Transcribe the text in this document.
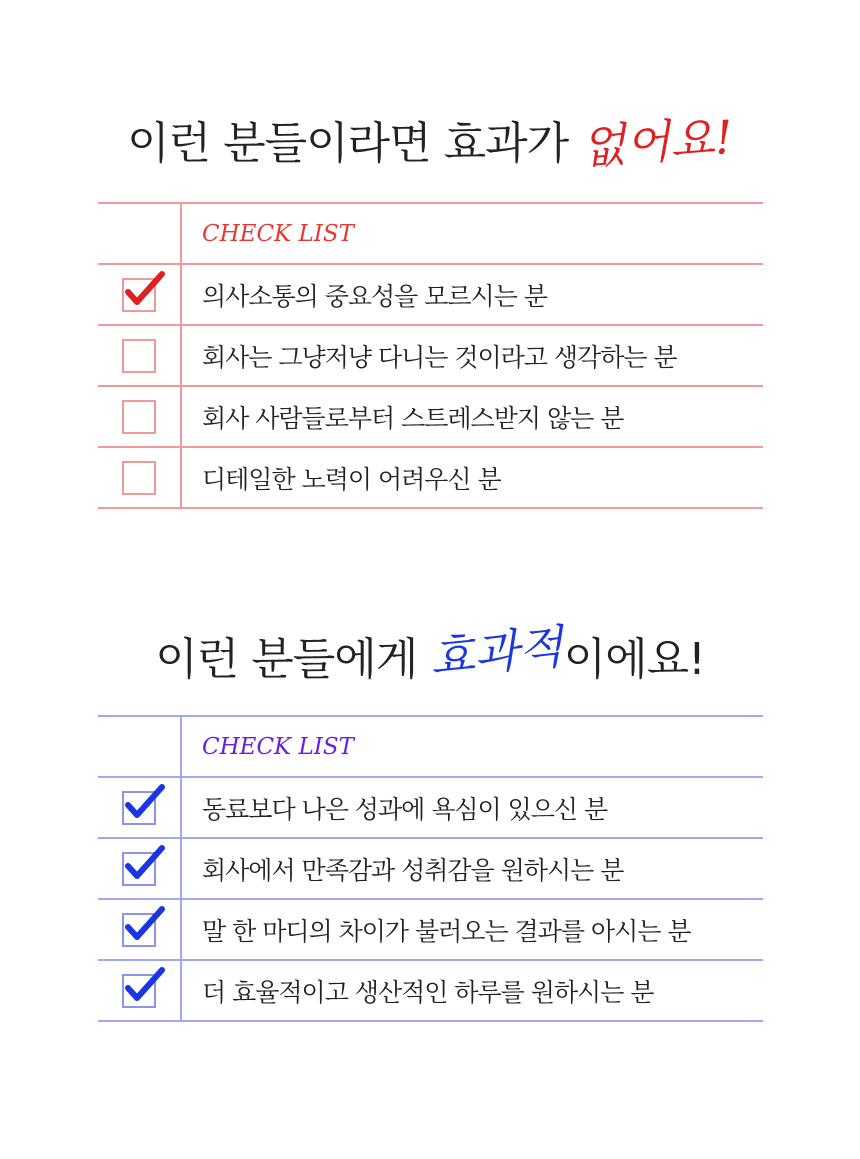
이런 분들이라면 효과가 없어요!
CHECK LIST
의사소통의 중요성을 모르시는 분
회사는 그냥저냥 다니는 것이라고 생각하는 분
회사 사람들로부터 스트레스받지 않는 분
디테일한 노력이 어려우신 분
이런 분들에게 효과적이에요!
CHECK LIST
동료보다 나은 성과에 욕심이 있으신 분
회사에서 만족감과 성취감을 원하시는 분
말 한 마디의 차이가 불러오는 결과를 아시는 분
더 효율적이고 생산적인 하루를 원하시는 분
